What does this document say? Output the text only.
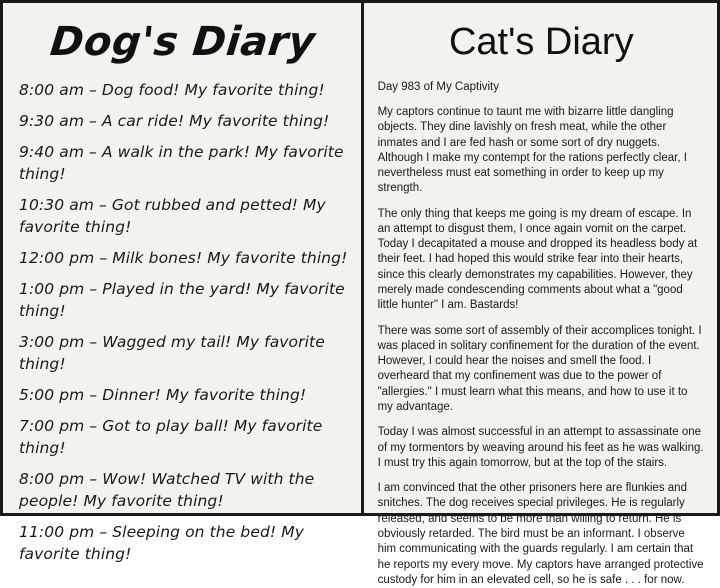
Dog's Diary
8:00 am – Dog food! My favorite thing!
9:30 am – A car ride! My favorite thing!
9:40 am – A walk in the park! My favorite thing!
10:30 am – Got rubbed and petted! My favorite thing!
12:00 pm – Milk bones! My favorite thing!
1:00 pm – Played in the yard! My favorite thing!
3:00 pm – Wagged my tail! My favorite thing!
5:00 pm – Dinner! My favorite thing!
7:00 pm – Got to play ball! My favorite thing!
8:00 pm – Wow! Watched TV with the people! My favorite thing!
11:00 pm – Sleeping on the bed! My favorite thing!
Cat's Diary
Day 983 of My Captivity

My captors continue to taunt me with bizarre little dangling objects. They dine lavishly on fresh meat, while the other inmates and I are fed hash or some sort of dry nuggets. Although I make my contempt for the rations perfectly clear, I nevertheless must eat something in order to keep up my strength.

The only thing that keeps me going is my dream of escape. In an attempt to disgust them, I once again vomit on the carpet. Today I decapitated a mouse and dropped its headless body at their feet. I had hoped this would strike fear into their hearts, since this clearly demonstrates my capabilities. However, they merely made condescending comments about what a "good little hunter" I am. Bastards!

There was some sort of assembly of their accomplices tonight. I was placed in solitary confinement for the duration of the event. However, I could hear the noises and smell the food. I overheard that my confinement was due to the power of "allergies." I must learn what this means, and how to use it to my advantage.

Today I was almost successful in an attempt to assassinate one of my tormentors by weaving around his feet as he was walking. I must try this again tomorrow, but at the top of the stairs.

I am convinced that the other prisoners here are flunkies and snitches. The dog receives special privileges. He is regularly released, and seems to be more than willing to return. He is obviously retarded. The bird must be an informant. I observe him communicating with the guards regularly. I am certain that he reports my every move. My captors have arranged protective custody for him in an elevated cell, so he is safe . . . for now.
